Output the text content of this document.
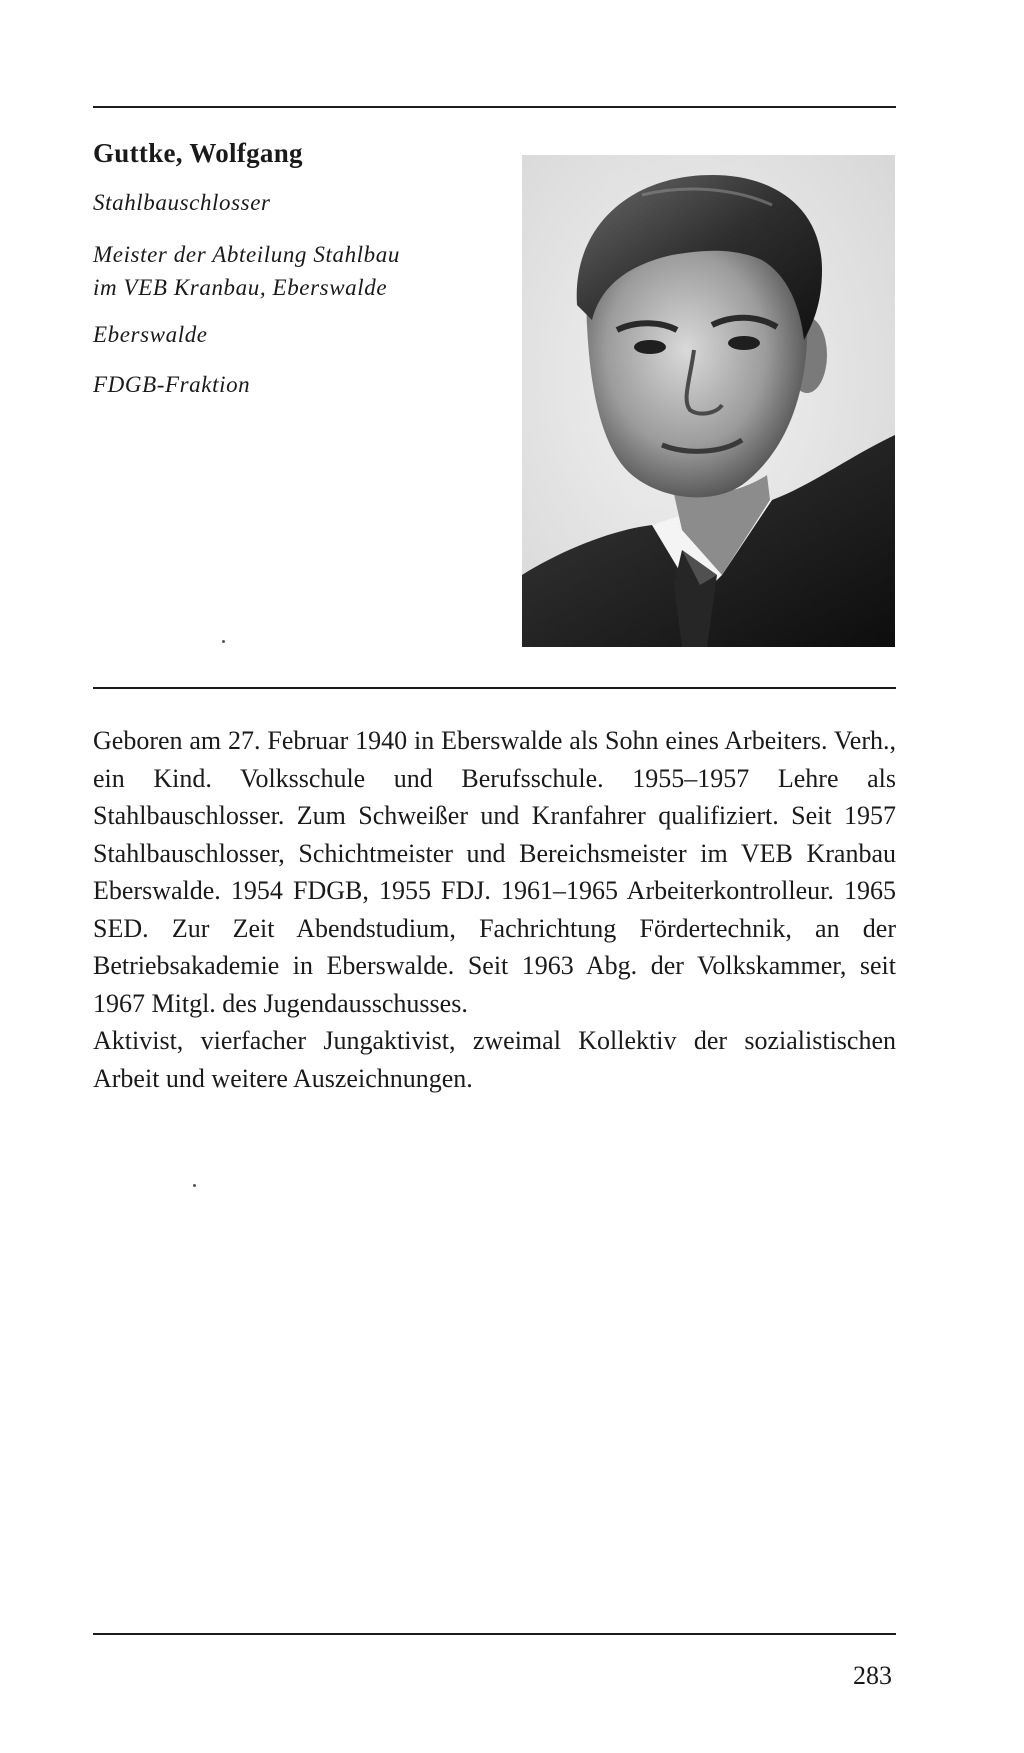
Guttke, Wolfgang

Stahlbauschlosser

Meister der Abteilung Stahlbau
im VEB Kranbau, Eberswalde

Eberswalde

FDGB-Fraktion

Geboren am 27. Februar 1940 in Eberswalde als Sohn eines Arbeiters. Verh., ein Kind. Volksschule und Berufsschule. 1955–1957 Lehre als Stahlbauschlosser. Zum Schweißer und Kranfahrer qualifiziert. Seit 1957 Stahlbauschlosser, Schichtmeister und Bereichsmeister im VEB Kranbau Eberswalde. 1954 FDGB, 1955 FDJ. 1961–1965 Arbeiterkontrolleur. 1965 SED. Zur Zeit Abendstudium, Fachrichtung Fördertechnik, an der Betriebsakademie in Eberswalde. Seit 1963 Abg. der Volkskammer, seit 1967 Mitgl. des Jugendausschusses.

Aktivist, vierfacher Jungaktivist, zweimal Kollektiv der sozialistischen Arbeit und weitere Auszeichnungen.

283
